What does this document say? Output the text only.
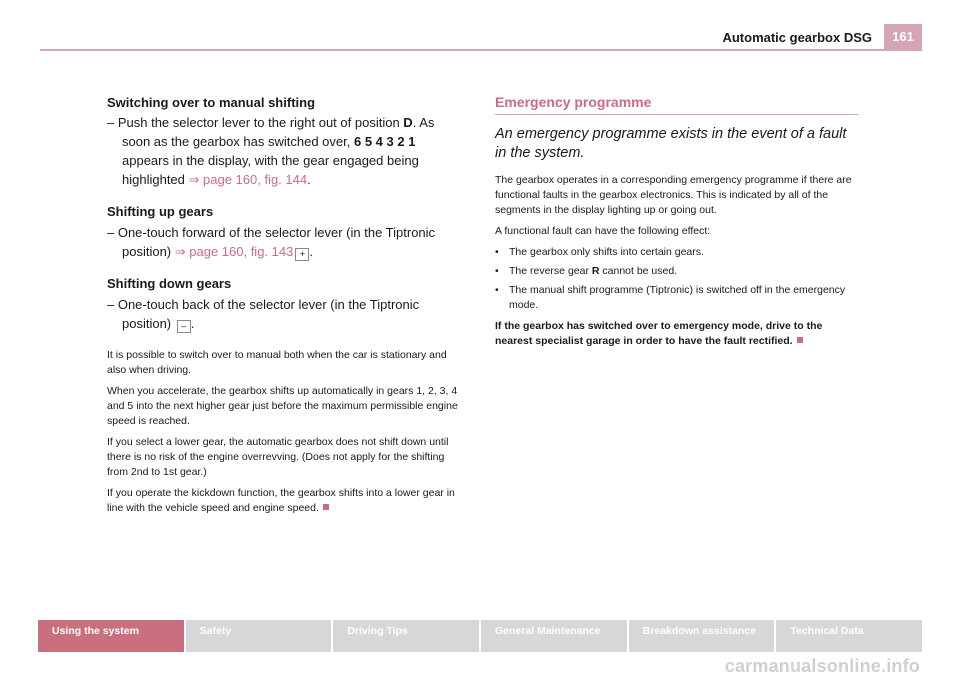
Automatic gearbox DSG	161

Switching over to manual shifting

– Push the selector lever to the right out of position D. As soon as the gearbox has switched over, 6 5 4 3 2 1 appears in the display, with the gear engaged being highlighted ⇒ page 160, fig. 144.

Shifting up gears

– One-touch forward of the selector lever (in the Tiptronic position) ⇒ page 160, fig. 143 + .

Shifting down gears

– One-touch back of the selector lever (in the Tiptronic position) – .

It is possible to switch over to manual both when the car is stationary and also when driving.

When you accelerate, the gearbox shifts up automatically in gears 1, 2, 3, 4 and 5 into the next higher gear just before the maximum permissible engine speed is reached.

If you select a lower gear, the automatic gearbox does not shift down until there is no risk of the engine overrevving. (Does not apply for the shifting from 2nd to 1st gear.)

If you operate the kickdown function, the gearbox shifts into a lower gear in line with the vehicle speed and engine speed.

Emergency programme

An emergency programme exists in the event of a fault in the system.

The gearbox operates in a corresponding emergency programme if there are functional faults in the gearbox electronics. This is indicated by all of the segments in the display lighting up or going out.

A functional fault can have the following effect:

• The gearbox only shifts into certain gears.

• The reverse gear R cannot be used.

• The manual shift programme (Tiptronic) is switched off in the emergency mode.

If the gearbox has switched over to emergency mode, drive to the nearest specialist garage in order to have the fault rectified.

Using the system	Safety	Driving Tips	General Maintenance	Breakdown assistance	Technical Data
carmanualsonline.info
